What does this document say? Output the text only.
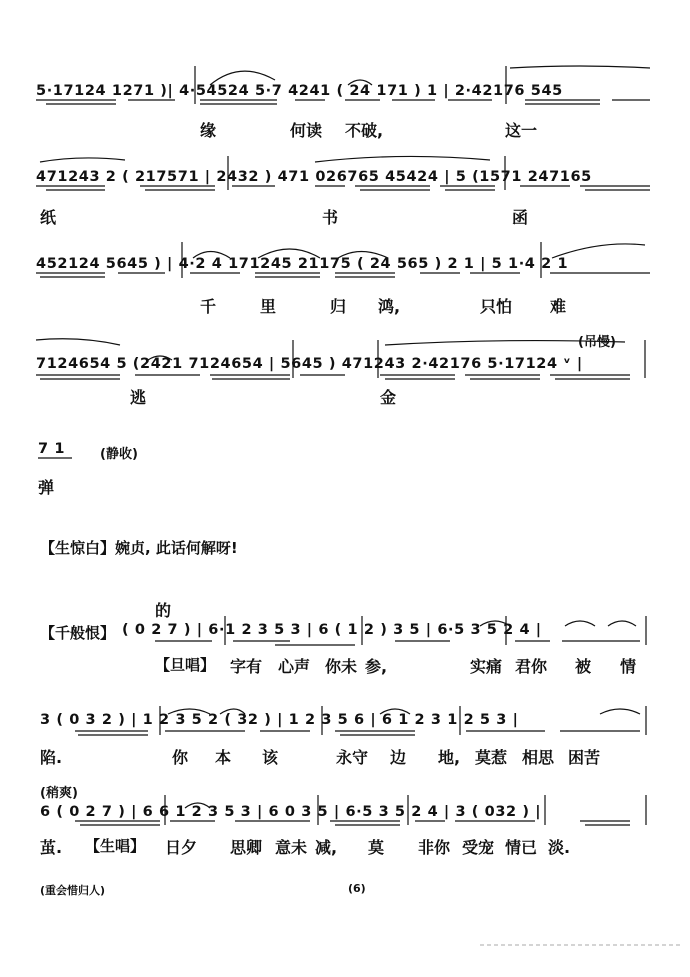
5·17124 1271 )| 4·54524 5·7 4241 ( 24 171 ) 1 | 2·42176 545
缘	何读 不破,	这一
471243 2 ( 217571 | 2432 ) 471 026765 45424 | 5 (1571 247165
纸	书	函
452124 5645 ) | 4·2 4 171245 21175 ( 24 565 ) 2 1 | 5 1·4 2 1
千	里	归 鸿,	只怕 难
(吊慢)
7124654 5 (2421 7124654 | 5645 ) 471243 2·42176 5·17124 ᵛ |
逃	金
7 1	(静收)
弹
【生惊白】婉贞, 此话何解呀!
的
【千般恨】 ( 0 2 7 ) | 6·1 2 3 5 3 | 6 ( 1 2 ) 3 5 | 6·5 3 5 2 4 |
【旦唱】 字有 心声 你未 参,	实痛 君你 被 情
3 ( 0 3 2 ) | 1 2 3 5 2 ( 32 ) | 1 2 3 5 6 | 6 1 2 3 1 2 5 3 |
陷.	你 本 该	永守 边 地, 莫惹 相思 困苦
(稍爽)
6 ( 0 2 7 ) | 6 6 1 2 3 5 3 | 6 0 3 5 | 6·5 3 5 2 4 | 3 ( 032 ) |
茧. 【生唱】 日夕 思卿 意未 减, 莫 非你 受宠 情已 淡.
(重会惜归人)	(6)
